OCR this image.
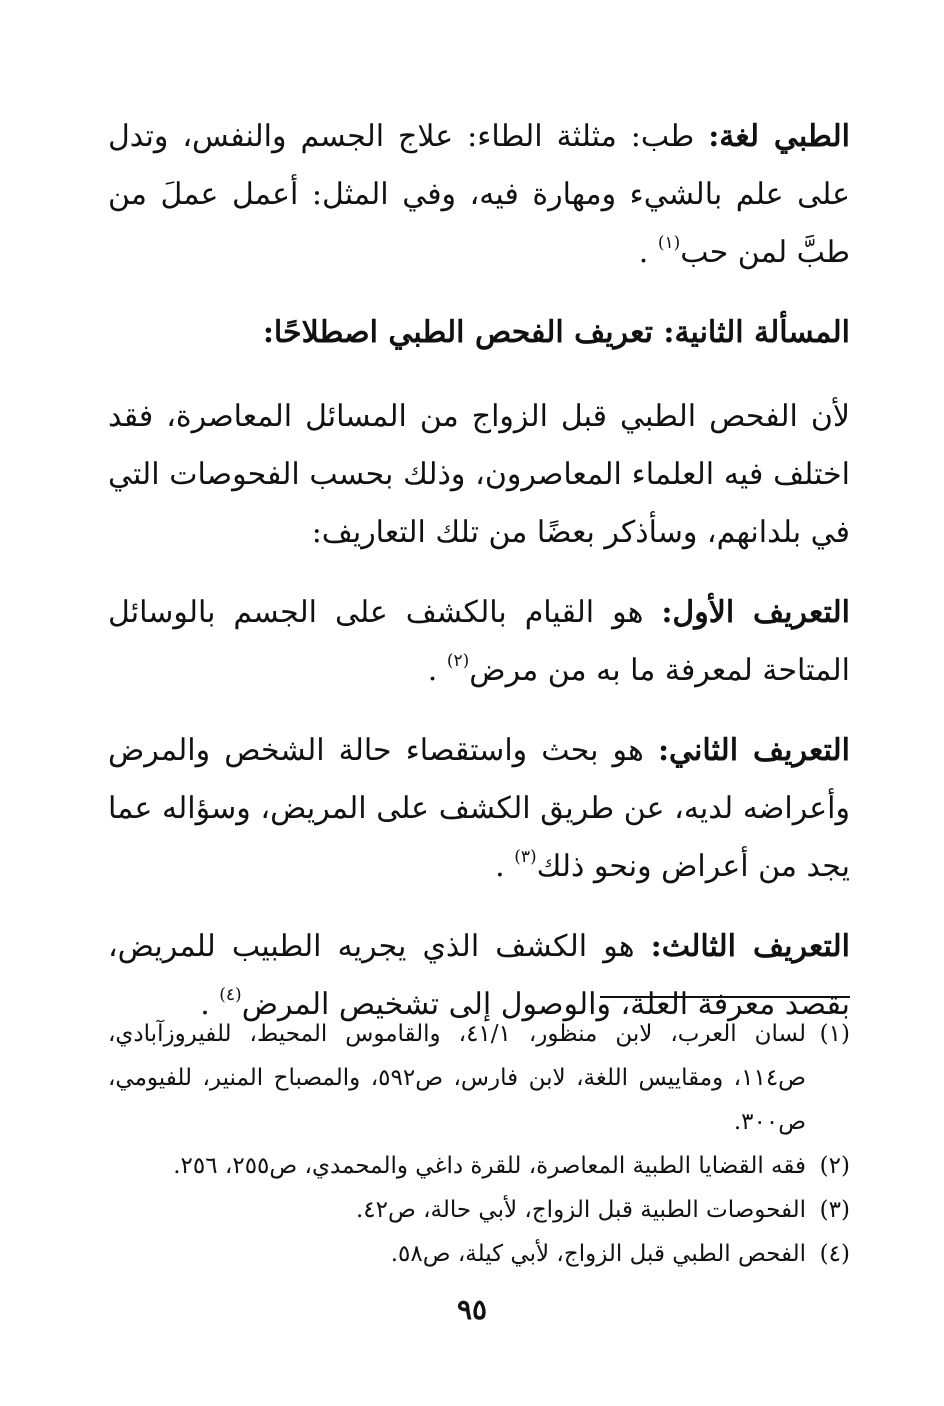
الطبي لغة: طب: مثلثة الطاء: علاج الجسم والنفس، وتدل على علم بالشيء ومهارة فيه، وفي المثل: أعمل عملَ من طبَّ لمن حب$^{(١)}$ .

المسألة الثانية: تعريف الفحص الطبي اصطلاحًا:

لأن الفحص الطبي قبل الزواج من المسائل المعاصرة، فقد اختلف فيه العلماء المعاصرون، وذلك بحسب الفحوصات التي في بلدانهم، وسأذكر بعضًا من تلك التعاريف:

التعريف الأول: هو القيام بالكشف على الجسم بالوسائل المتاحة لمعرفة ما به من مرض$^{(٢)}$ .

التعريف الثاني: هو بحث واستقصاء حالة الشخص والمرض وأعراضه لديه، عن طريق الكشف على المريض، وسؤاله عما يجد من أعراض ونحو ذلك$^{(٣)}$ .

التعريف الثالث: هو الكشف الذي يجريه الطبيب للمريض، بقصد معرفة العلة، والوصول إلى تشخيص المرض$^{(٤)}$ .

(١)لسان العرب، لابن منظور، ٤١/١، والقاموس المحيط، للفيروزآبادي، ص١١٤، ومقاييس اللغة، لابن فارس، ص٥٩٢، والمصباح المنير، للفيومي، ص٣٠٠.

(٢)فقه القضايا الطبية المعاصرة، للقرة داغي والمحمدي، ص٢٥٥، ٢٥٦.

(٣)الفحوصات الطبية قبل الزواج، لأبي حالة، ص٤٢.

(٤)الفحص الطبي قبل الزواج، لأبي كيلة، ص٥٨.

٩٥
